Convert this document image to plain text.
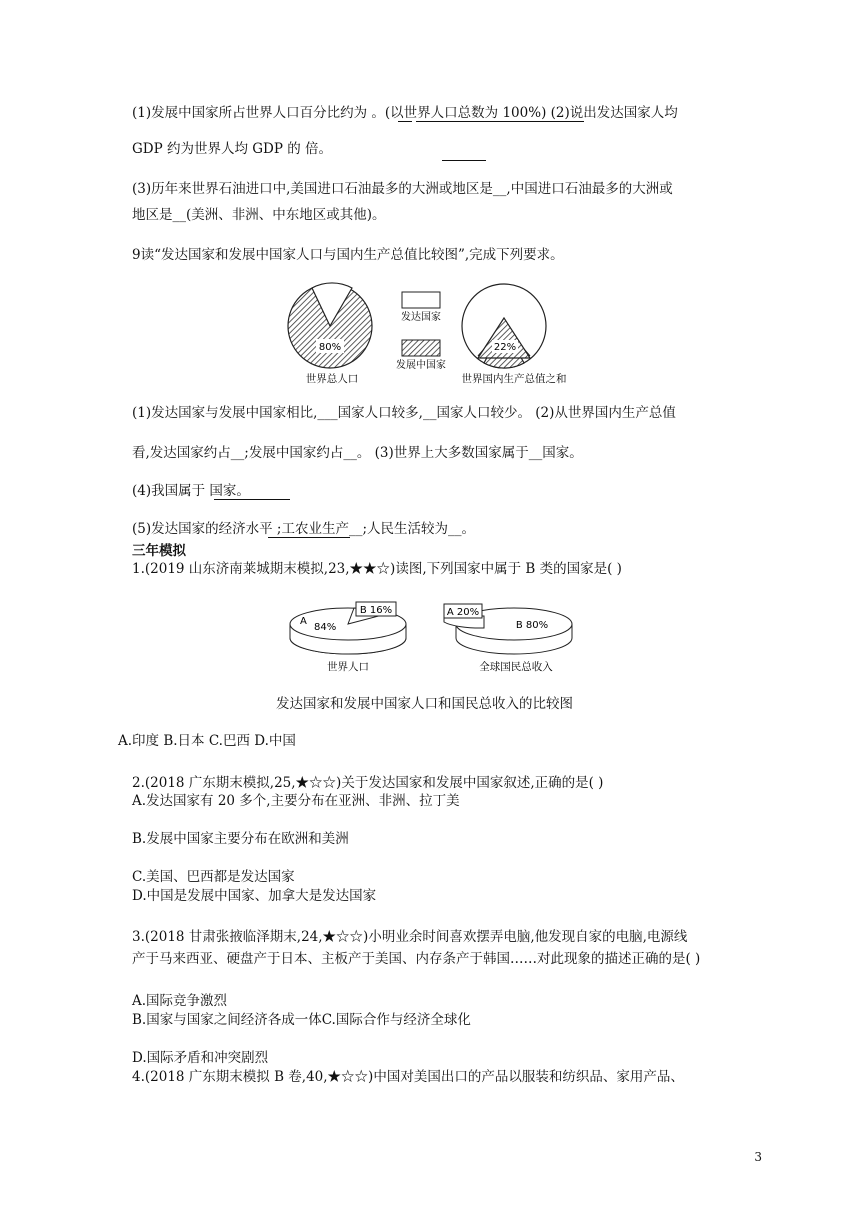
(1)发展中国家所占世界人口百分比约为 。(以世界人口总数为 100%) (2)说出发达国家人均
GDP 约为世界人均 GDP 的 倍。
(3)历年来世界石油进口中,美国进口石油最多的大洲或地区是__,中国进口石油最多的大洲或
地区是__(美洲、非洲、中东地区或其他)。
9读“发达国家和发展中国家人口与国内生产总值比较图”,完成下列要求。
80%
世界总人口
发达国家
发展中国家
22%
世界国内生产总值之和
(1)发达国家与发展中国家相比,___国家人口较多,__国家人口较少。 (2)从世界国内生产总值
看,发达国家约占__;发展中国家约占__。 (3)世界上大多数国家属于__国家。
(4)我国属于 国家。
(5)发达国家的经济水平 ;工农业生产__;人民生活较为__。
三年模拟
1.(2019 山东济南莱城期末模拟,23,★★☆)读图,下列国家中属于 B 类的国家是( )
B 16%
A
84%
世界人口
A 20%
B 80%
全球国民总收入
发达国家和发展中国家人口和国民总收入的比较图
A.印度 B.日本 C.巴西 D.中国
2.(2018 广东期末模拟,25,★☆☆)关于发达国家和发展中国家叙述,正确的是( )
A.发达国家有 20 多个,主要分布在亚洲、非洲、拉丁美
B.发展中国家主要分布在欧洲和美洲
C.美国、巴西都是发达国家
D.中国是发展中国家、加拿大是发达国家
3.(2018 甘肃张掖临泽期末,24,★☆☆)小明业余时间喜欢摆弄电脑,他发现自家的电脑,电源线
产于马来西亚、硬盘产于日本、主板产于美国、内存条产于韩国……对此现象的描述正确的是( )
A.国际竞争激烈
B.国家与国家之间经济各成一体C.国际合作与经济全球化
D.国际矛盾和冲突剧烈
4.(2018 广东期末模拟 B 卷,40,★☆☆)中国对美国出口的产品以服装和纺织品、家用产品、
3
